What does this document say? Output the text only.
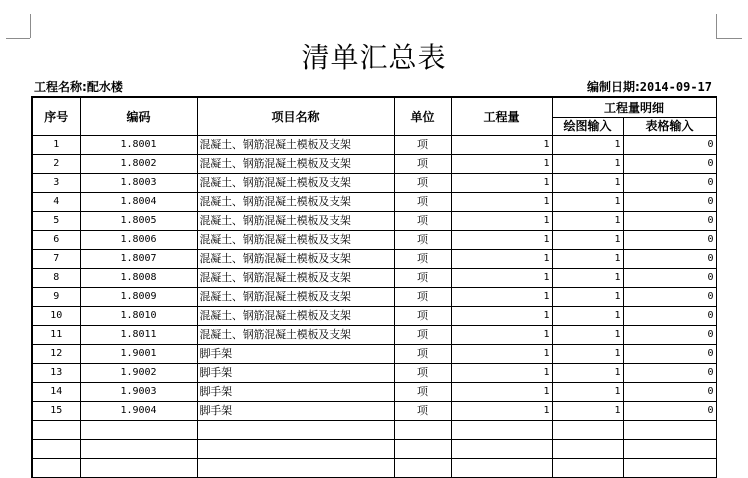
清单汇总表
工程名称:配水楼	编制日期:2014-09-17
序号	编码	项目名称	单位	工程量	工程量明细	
					绘图输入	表格输入
1	1.8001	混凝土、钢筋混凝土模板及支架	项	1	1	0
2	1.8002	混凝土、钢筋混凝土模板及支架	项	1	1	0
3	1.8003	混凝土、钢筋混凝土模板及支架	项	1	1	0
4	1.8004	混凝土、钢筋混凝土模板及支架	项	1	1	0
5	1.8005	混凝土、钢筋混凝土模板及支架	项	1	1	0
6	1.8006	混凝土、钢筋混凝土模板及支架	项	1	1	0
7	1.8007	混凝土、钢筋混凝土模板及支架	项	1	1	0
8	1.8008	混凝土、钢筋混凝土模板及支架	项	1	1	0
9	1.8009	混凝土、钢筋混凝土模板及支架	项	1	1	0
10	1.8010	混凝土、钢筋混凝土模板及支架	项	1	1	0
11	1.8011	混凝土、钢筋混凝土模板及支架	项	1	1	0
12	1.9001	脚手架	项	1	1	0
13	1.9002	脚手架	项	1	1	0
14	1.9003	脚手架	项	1	1	0
15	1.9004	脚手架	项	1	1	0
